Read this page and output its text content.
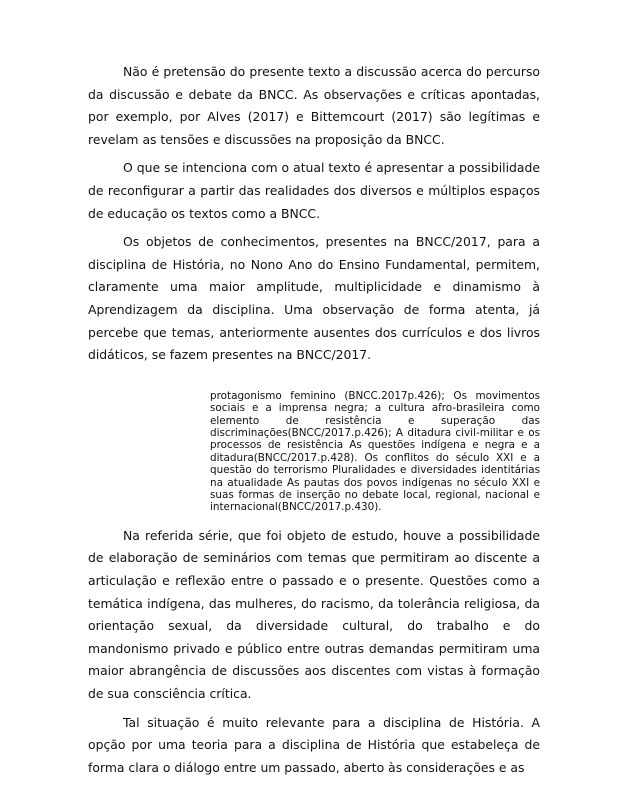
Não é pretensão do presente texto a discussão acerca do percurso da discussão e debate da BNCC. As observações e críticas apontadas, por exemplo, por Alves (2017) e Bittemcourt (2017) são legítimas e revelam as tensões e discussões na proposição da BNCC.

O que se intenciona com o atual texto é apresentar a possibilidade de reconfigurar a partir das realidades dos diversos e múltiplos espaços de educação os textos como a BNCC.

Os objetos de conhecimentos, presentes na BNCC/2017, para a disciplina de História, no Nono Ano do Ensino Fundamental, permitem, claramente uma maior amplitude, multiplicidade e dinamismo à Aprendizagem da disciplina. Uma observação de forma atenta, já percebe que temas, anteriormente ausentes dos currículos e dos livros didáticos, se fazem presentes na BNCC/2017.

protagonismo feminino (BNCC.2017p.426); Os movimentos sociais e a imprensa negra; a cultura afro-brasileira como elemento de resistência e superação das discriminações(BNCC/2017.p.426); A ditadura civil-militar e os processos de resistência As questões indígena e negra e a ditadura(BNCC/2017.p.428). Os conflitos do século XXI e a questão do terrorismo Pluralidades e diversidades identitárias na atualidade As pautas dos povos indígenas no século XXI e suas formas de inserção no debate local, regional, nacional e internacional(BNCC/2017.p.430).

Na referida série, que foi objeto de estudo, houve a possibilidade de elaboração de seminários com temas que permitiram ao discente a articulação e reflexão entre o passado e o presente. Questões como a temática indígena, das mulheres, do racismo, da tolerância religiosa, da orientação sexual, da diversidade cultural, do trabalho e do mandonismo privado e público entre outras demandas permitiram uma maior abrangência de discussões aos discentes com vistas à formação de sua consciência crítica.

Tal situação é muito relevante para a disciplina de História. A opção por uma teoria para a disciplina de História que estabeleça de forma clara o diálogo entre um passado, aberto às considerações e as
